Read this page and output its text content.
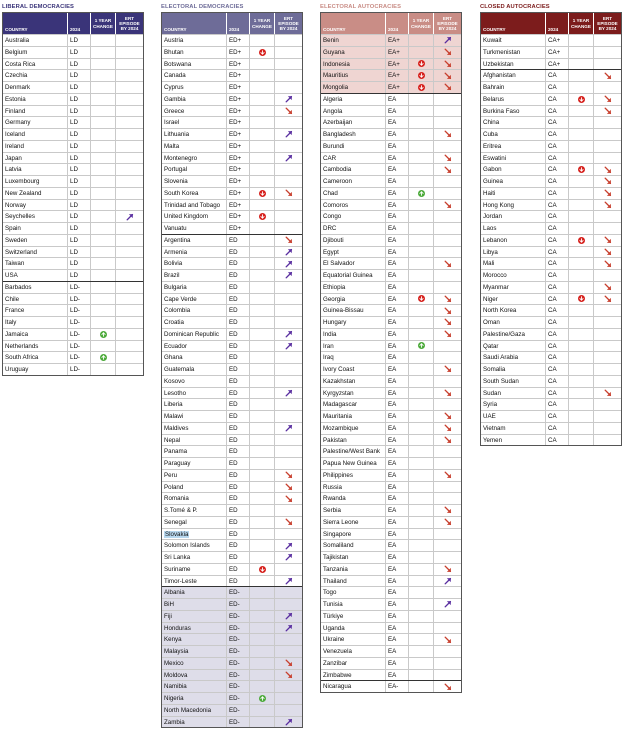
LIBERAL DEMOCRACIES
COUNTRY	2024
1 YEAR CHANGE
ERT EPISODE BY 2024
Australia	LD
Belgium	LD
Costa Rica	LD
Czechia	LD
Denmark	LD
Estonia	LD
Finland	LD
Germany	LD
Iceland	LD
Ireland	LD
Japan	LD
Latvia	LD
Luxembourg	LD
New Zealand	LD
Norway	LD
Seychelles	LD
Spain	LD
Sweden	LD
Switzerland	LD
Taiwan	LD
USA	LD
Barbados	LD-
Chile	LD-
France	LD-
Italy	LD-
Jamaica	LD-
Netherlands	LD-
South Africa	LD-
Uruguay	LD-
ELECTORAL DEMOCRACIES
COUNTRY	2024
1 YEAR CHANGE
ERT EPISODE BY 2024
Austria	ED+
Bhutan	ED+
Botswana	ED+
Canada	ED+
Cyprus	ED+
Gambia	ED+
Greece	ED+
Israel	ED+
Lithuania	ED+
Malta	ED+
Montenegro	ED+
Portugal	ED+
Slovenia	ED+
South Korea	ED+
Trinidad and Tobago	ED+
United Kingdom	ED+
Vanuatu	ED+
Argentina	ED
Armenia	ED
Bolivia	ED
Brazil	ED
Bulgaria	ED
Cape Verde	ED
Colombia	ED
Croatia	ED
Dominican Republic	ED
Ecuador	ED
Ghana	ED
Guatemala	ED
Kosovo	ED
Lesotho	ED
Liberia	ED
Malawi	ED
Maldives	ED
Nepal	ED
Panama	ED
Paraguay	ED
Peru	ED
Poland	ED
Romania	ED
S.Tomé & P.	ED
Senegal	ED
Slovakia	ED
Solomon Islands	ED
Sri Lanka	ED
Suriname	ED
Timor-Leste	ED
Albania	ED-
BiH	ED-
Fiji	ED-
Honduras	ED-
Kenya	ED-
Malaysia	ED-
Mexico	ED-
Moldova	ED-
Namibia	ED-
Nigeria	ED-
North Macedonia	ED-
Zambia	ED-
ELECTORAL AUTOCRACIES
COUNTRY	2024
1 YEAR CHANGE
ERT EPISODE BY 2024
Benin	EA+
Guyana	EA+
Indonesia	EA+
Mauritius	EA+
Mongolia	EA+
Algeria	EA
Angola	EA
Azerbaijan	EA
Bangladesh	EA
Burundi	EA
CAR	EA
Cambodia	EA
Cameroon	EA
Chad	EA
Comoros	EA
Congo	EA
DRC	EA
Djibouti	EA
Egypt	EA
El Salvador	EA
Equatorial Guinea	EA
Ethiopia	EA
Georgia	EA
Guinea-Bissau	EA
Hungary	EA
India	EA
Iran	EA
Iraq	EA
Ivory Coast	EA
Kazakhstan	EA
Kyrgyzstan	EA
Madagascar	EA
Mauritania	EA
Mozambique	EA
Pakistan	EA
Palestine/West Bank	EA
Papua New Guinea	EA
Philippines	EA
Russia	EA
Rwanda	EA
Serbia	EA
Sierra Leone	EA
Singapore	EA
Somaliland	EA
Tajikistan	EA
Tanzania	EA
Thailand	EA
Togo	EA
Tunisia	EA
Türkiye	EA
Uganda	EA
Ukraine	EA
Venezuela	EA
Zanzibar	EA
Zimbabwe	EA
Nicaragua	EA-
CLOSED AUTOCRACIES
COUNTRY	2024
1 YEAR CHANGE
ERT EPISODE BY 2024
Kuwait	CA+
Turkmenistan	CA+
Uzbekistan	CA+
Afghanistan	CA
Bahrain	CA
Belarus	CA
Burkina Faso	CA
China	CA
Cuba	CA
Eritrea	CA
Eswatini	CA
Gabon	CA
Guinea	CA
Haiti	CA
Hong Kong	CA
Jordan	CA
Laos	CA
Lebanon	CA
Libya	CA
Mali	CA
Morocco	CA
Myanmar	CA
Niger	CA
North Korea	CA
Oman	CA
Palestine/Gaza	CA
Qatar	CA
Saudi Arabia	CA
Somalia	CA
South Sudan	CA
Sudan	CA
Syria	CA
UAE	CA
Vietnam	CA
Yemen	CA
